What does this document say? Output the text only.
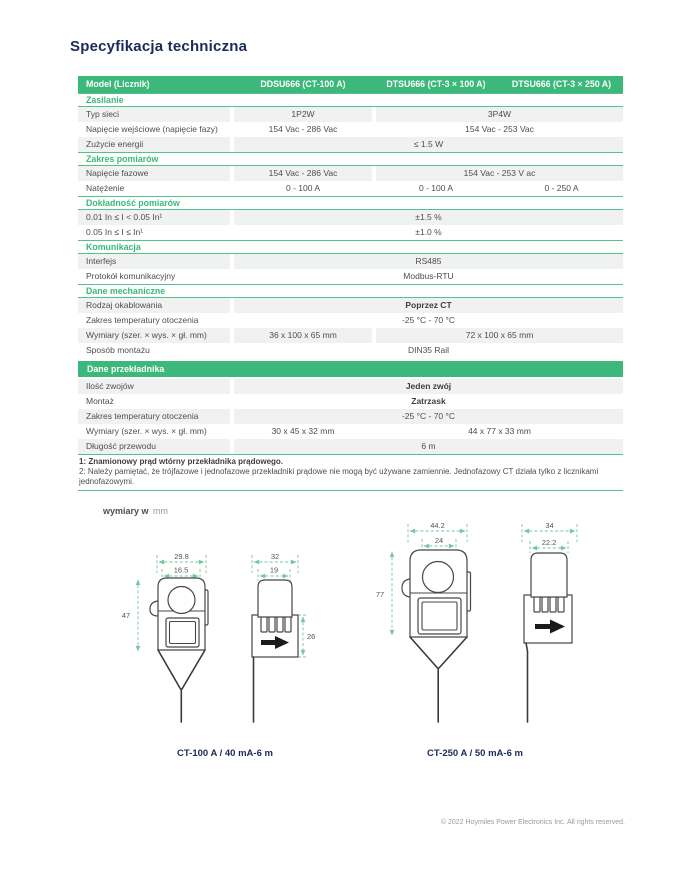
Specyfikacja techniczna
Model (Licznik)	DDSU666 (CT-100 A)	DTSU666 (CT-3 × 100 A)	DTSU666 (CT-3 × 250 A)
Zasilanie
Typ sieci	1P2W	3P4W
Napięcie wejściowe (napięcie fazy)	154 Vac - 286 Vac	154 Vac - 253 Vac
Zużycie energii	≤ 1.5 W
Zakres pomiarów
Napięcie fazowe	154 Vac - 286 Vac	154 Vac - 253 V ac
Natężenie	0 - 100 A	0 - 100 A	0 - 250 A
Dokładność pomiarów
0.01 In ≤ I < 0.05 In¹	±1.5 %
0.05 In ≤ I ≤ In¹	±1.0 %
Komunikacja
Interfejs	RS485
Protokół komunikacyjny	Modbus-RTU
Dane mechaniczne
Rodzaj okablowania	Poprzez CT
Zakres temperatury otoczenia	-25 °C - 70 °C
Wymiary (szer. × wys. × gł. mm)	36 x 100 x 65 mm	72 x 100 x 65 mm
Sposób montażu	DIN35 Rail
Dane przekładnika
Ilość zwojów	Jeden zwój
Montaż	Zatrzask
Zakres temperatury otoczenia	-25 °C - 70 °C
Wymiary (szer. × wys. × gł. mm)	30 x 45 x 32 mm	44 x 77 x 33 mm
Długość przewodu	6 m
1: Znamionowy prąd wtórny przekładnika prądowego.
2: Należy pamiętać, że trójfazowe i jednofazowe przekładniki prądowe nie mogą być używane zamiennie. Jednofazowy CT działa tylko z licznikami jednofazowymi.
wymiary w mm
29.8
16.5
47
32
19
26
44.2
24
77
34
22.2
CT-100 A / 40 mA-6 m	CT-250 A / 50 mA-6 m
© 2022 Hoymiles Power Electronics Inc. All rights reserved.
